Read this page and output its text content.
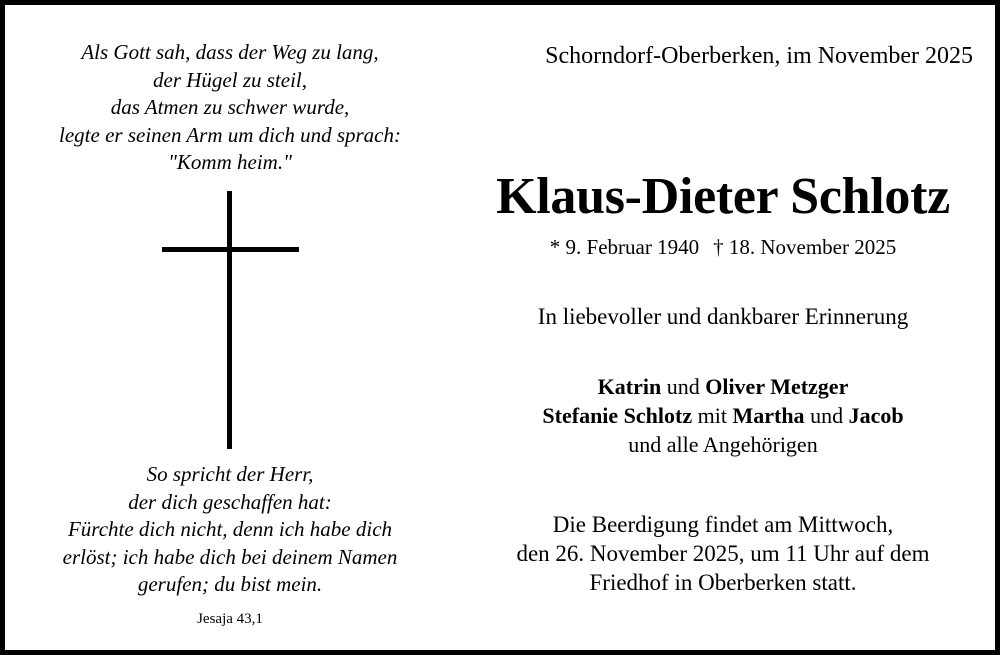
Als Gott sah, dass der Weg zu lang,
der Hügel zu steil,
das Atmen zu schwer wurde,
legte er seinen Arm um dich und sprach:
"Komm heim."
So spricht der Herr,
der dich geschaffen hat:
Fürchte dich nicht, denn ich habe dich
erlöst; ich habe dich bei deinem Namen
gerufen; du bist mein.
Jesaja 43,1
Schorndorf-Oberberken, im November 2025
Klaus-Dieter Schlotz
* 9. Februar 1940 † 18. November 2025
In liebevoller und dankbarer Erinnerung
Katrin und Oliver Metzger
Stefanie Schlotz mit Martha und Jacob
und alle Angehörigen
Die Beerdigung findet am Mittwoch,
den 26. November 2025, um 11 Uhr auf dem
Friedhof in Oberberken statt.
